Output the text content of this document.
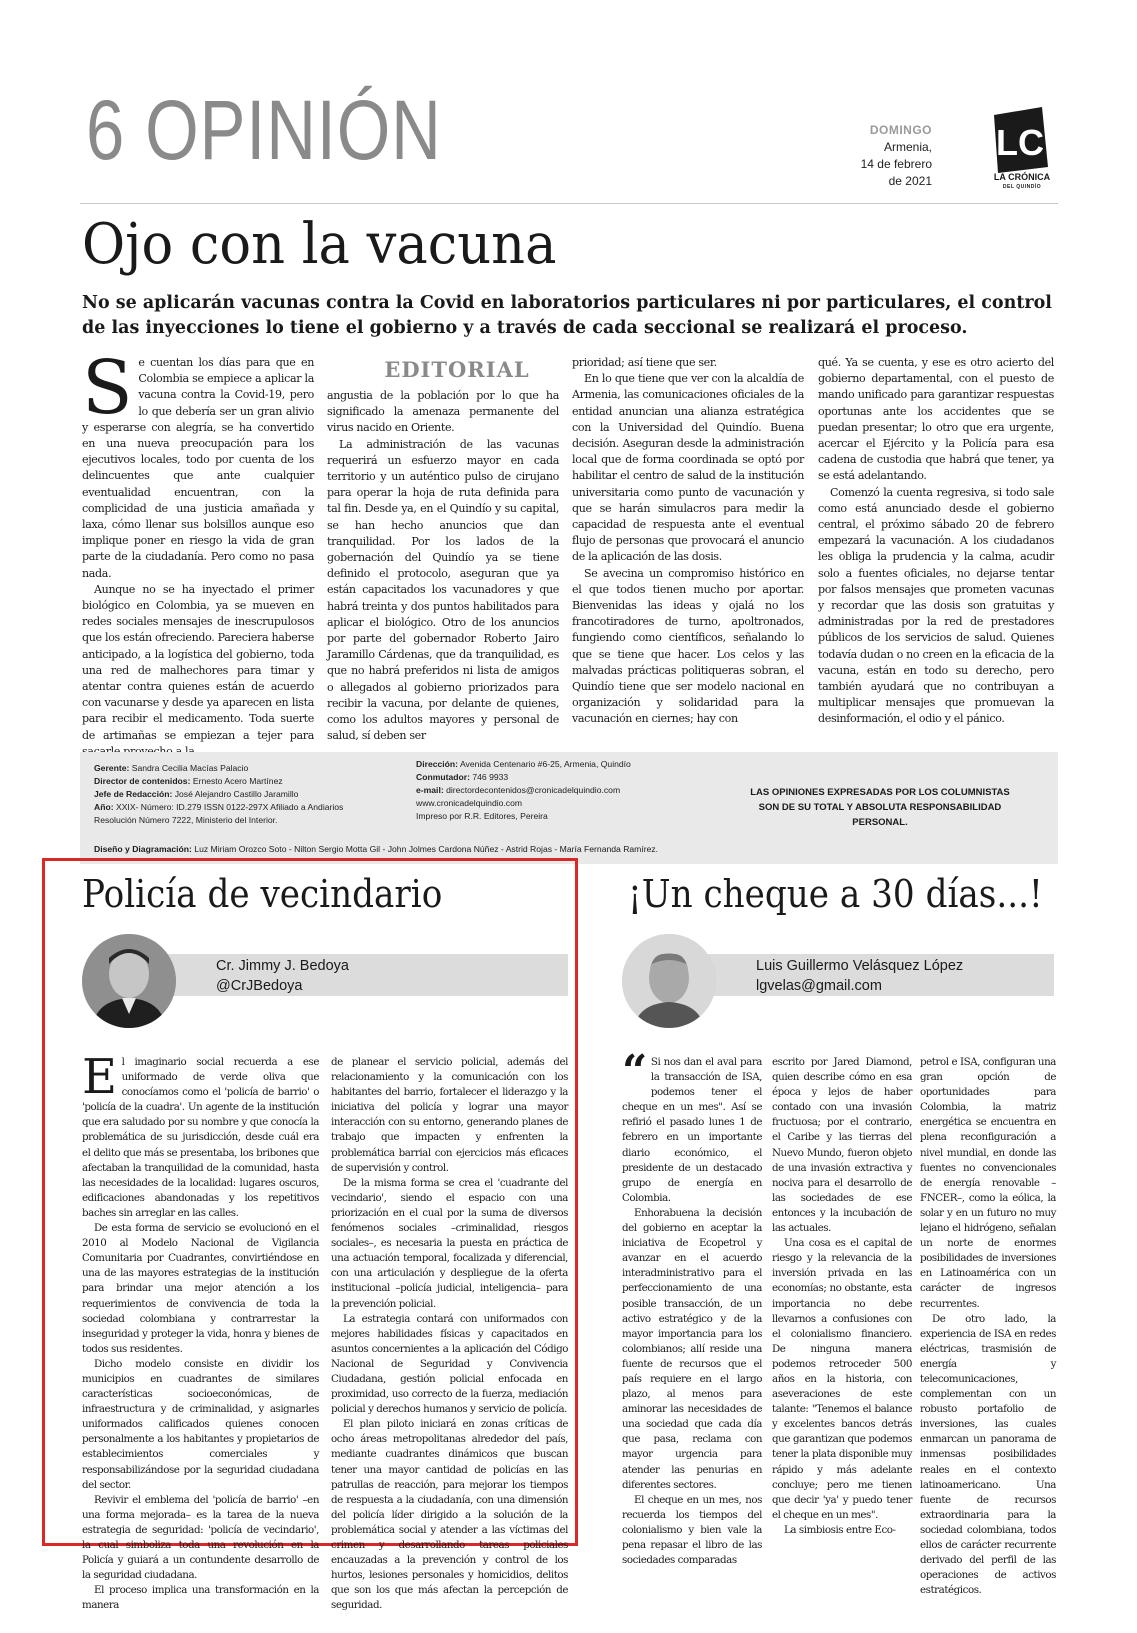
6 OPINIÓN	DOMINGO
Armenia,
14 de febrero
de 2021
LC
LA CRÓNICA
DEL QUINDÍO
Ojo con la vacuna
No se aplicarán vacunas contra la Covid en laboratorios particulares ni por particulares, el control de las inyecciones lo tiene el gobierno y a través de cada seccional se realizará el proceso.

Se cuentan los días para que en Colombia se empiece a aplicar la vacuna contra la Covid-19, pero lo que debería ser un gran alivio y esperarse con alegría, se ha convertido en una nueva preocupación para los ejecutivos locales, todo por cuenta de los delincuentes que ante cualquier eventualidad encuentran, con la complicidad de una justicia amañada y laxa, cómo llenar sus bolsillos aunque eso implique poner en riesgo la vida de gran parte de la ciudadanía. Pero como no pasa nada.

Aunque no se ha inyectado el primer biológico en Colombia, ya se mueven en redes sociales mensajes de inescrupulosos que los están ofreciendo. Pareciera haberse anticipado, a la logística del gobierno, toda una red de malhechores para timar y atentar contra quienes están de acuerdo con vacunarse y desde ya aparecen en lista para recibir el medicamento. Toda suerte de artimañas se empiezan a tejer para

EDITORIAL

angustia de la población por lo que ha significado la amenaza permanente del virus nacido en Oriente.

La administración de las vacunas requerirá un esfuerzo mayor en cada territorio y un auténtico pulso de cirujano para operar la hoja de ruta definida para tal fin. Desde ya, en el Quindío y su capital, se han hecho anuncios que dan tranquilidad. Por los lados de la gobernación del Quindío ya se tiene definido el protocolo, aseguran que ya están capacitados los vacunadores y que habrá treinta y dos puntos habilitados para aplicar el biológico. Otro de los anuncios por parte del gobernador Roberto Jairo Jaramillo Cárdenas, que da tranquilidad, es que no habrá preferidos ni lista de amigos o allegados al gobierno priorizados para recibir la vacuna, por delante de quienes, como los adultos mayores y personal de salud, sí deben ser

prioridad; así tiene que ser.

En lo que tiene que ver con la alcaldía de Armenia, las comunicaciones oficiales de la entidad anuncian una alianza estratégica con la Universidad del Quindío. Buena decisión. Aseguran desde la administración local que de forma coordinada se optó por habilitar el centro de salud de la institución universitaria como punto de vacunación y que se harán simulacros para medir la capacidad de respuesta ante el eventual flujo de personas que provocará el anuncio de la aplicación de las dosis.

Se avecina un compromiso histórico en el que todos tienen mucho por aportar. Bienvenidas las ideas y ojalá no los francotiradores de turno, apoltronados, fungiendo como científicos, señalando lo que se tiene que hacer. Los celos y las malvadas prácticas politiqueras sobran, el Quindío tiene que ser modelo nacional en organización y solidaridad para la vacunación en ciernes; hay con

qué. Ya se cuenta, y ese es otro acierto del gobierno departamental, con el puesto de mando unificado para garantizar respuestas oportunas ante los accidentes que se puedan presentar; lo otro que era urgente, acercar el Ejército y la Policía para esa cadena de custodia que habrá que tener, ya se está adelantando.

Comenzó la cuenta regresiva, si todo sale como está anunciado desde el gobierno central, el próximo sábado 20 de febrero empezará la vacunación. A los ciudadanos les obliga la prudencia y la calma, acudir solo a fuentes oficiales, no dejarse tentar por falsos mensajes que prometen vacunas y recordar que las dosis son gratuitas y administradas por la red de prestadores públicos de los servicios de salud. Quienes todavía dudan o no creen en la eficacia de la vacuna, están en todo su derecho, pero también ayudará que no contribuyan a multiplicar mensajes que promuevan la desinformación, el odio y el pánico.

Gerente: Sandra Cecilia Macías Palacio
Director de contenidos: Ernesto Acero Martínez
Jefe de Redacción: José Alejandro Castillo Jaramillo
Año: XXIX- Número: ID.279 ISSN 0122-297X Afiliado a Andiarios
Resolución Número 7222, Ministerio del Interior.
Dirección: Avenida Centenario #6-25, Armenia, Quindío
Conmutador: 746 9933
e-mail: directordecontenidos@cronicadelquindio.com
www.cronicadelquindio.com
Impreso por R.R. Editores, Pereira
LAS OPINIONES EXPRESADAS POR LOS COLUMNISTAS SON DE SU TOTAL Y ABSOLUTA RESPONSABILIDAD PERSONAL.
Diseño y Diagramación: Luz Miriam Orozco Soto - Nilton Sergio Motta Gil - John Jolmes Cardona Núñez - Astrid Rojas - María Fernanda Ramírez.
Policía de vecindario
Cr. Jimmy J. Bedoya
@CrJBedoya

El imaginario social recuerda a ese uniformado de verde oliva que conocíamos como el 'policía de barrio' o 'policía de la cuadra'. Un agente de la institución que era saludado por su nombre y que conocía la problemática de su jurisdicción, desde cuál era el delito que más se presentaba, los bribones que afectaban la tranquilidad de la comunidad, hasta las necesidades de la localidad: lugares oscuros, edificaciones abandonadas y los repetitivos baches sin arreglar en las calles.

De esta forma de servicio se evolucionó en el 2010 al Modelo Nacional de Vigilancia Comunitaria por Cuadrantes, convirtiéndose en una de las mayores estrategias de la institución para brindar una mejor atención a los requerimientos de convivencia de toda la sociedad colombiana y contrarrestar la inseguridad y proteger la vida, honra y bienes de todos sus residentes.

Dicho modelo consiste en dividir los municipios en cuadrantes de similares características socioeconómicas, de infraestructura y de criminalidad, y asignarles uniformados calificados quienes conocen personalmente a los habitantes y propietarios de establecimientos comerciales y responsabilizándose por la seguridad ciudadana del sector.

Revivir el emblema del 'policía de barrio' –en una forma mejorada– es la tarea de la nueva estrategia de seguridad: 'policía de vecindario', la cual simboliza toda una revolución en la Policía y guiará a un contundente desarrollo de la seguridad ciudadana.

El proceso implica una transformación en la manera

de planear el servicio policial, además del relacionamiento y la comunicación con los habitantes del barrio, fortalecer el liderazgo y la iniciativa del policía y lograr una mayor interacción con su entorno, generando planes de trabajo que impacten y enfrenten la problemática barrial con ejercicios más eficaces de supervisión y control.

De la misma forma se crea el 'cuadrante del vecindario', siendo el espacio con una priorización en el cual por la suma de diversos fenómenos sociales –criminalidad, riesgos sociales–, es necesaria la puesta en práctica de una actuación temporal, focalizada y diferencial, con una articulación y despliegue de la oferta institucional –policía judicial, inteligencia– para la prevención policial.

La estrategia contará con uniformados con mejores habilidades físicas y capacitados en asuntos concernientes a la aplicación del Código Nacional de Seguridad y Convivencia Ciudadana, gestión policial enfocada en proximidad, uso correcto de la fuerza, mediación policial y derechos humanos y servicio de policía.

El plan piloto iniciará en zonas críticas de ocho áreas metropolitanas alrededor del país, mediante cuadrantes dinámicos que buscan tener una mayor cantidad de policías en las patrullas de reacción, para mejorar los tiempos de respuesta a la ciudadanía, con una dimensión del policía líder dirigido a la solución de la problemática social y atender a las víctimas del crimen y desarrollando tareas policiales encauzadas a la prevención y control de los hurtos, lesiones personales y homicidios, delitos que son los que más afectan la percepción de seguridad.

¡Un cheque a 30 días...!
Luis Guillermo Velásquez López
lgvelas@gmail.com

“ Si nos dan el aval para la transacción de ISA, podemos tener el cheque en un mes". Así se refirió el pasado lunes 1 de febrero en un importante diario económico, el presidente de un destacado grupo de energía en Colombia.

Enhorabuena la decisión del gobierno en aceptar la iniciativa de Ecopetrol y avanzar en el acuerdo interadministrativo para el perfeccionamiento de una posible transacción, de un activo estratégico y de la mayor importancia para los colombianos; allí reside una fuente de recursos que el país requiere en el largo plazo, al menos para aminorar las necesidades de una sociedad que cada día que pasa, reclama con mayor urgencia para atender las penurias en diferentes sectores.

El cheque en un mes, nos recuerda los tiempos del colonialismo y bien vale la pena repasar el libro de las sociedades comparadas

escrito por Jared Diamond, quien describe cómo en esa época y lejos de haber contado con una invasión fructuosa; por el contrario, el Caribe y las tierras del Nuevo Mundo, fueron objeto de una invasión extractiva y nociva para el desarrollo de las sociedades de ese entonces y la incubación de las actuales.

Una cosa es el capital de riesgo y la relevancia de la inversión privada en las economías; no obstante, esta importancia no debe llevarnos a confusiones con el colonialismo financiero. De ninguna manera podemos retroceder 500 años en la historia, con aseveraciones de este talante: "Tenemos el balance y excelentes bancos detrás que garantizan que podemos tener la plata disponible muy rápido y más adelante concluye; pero me tienen que decir 'ya' y puedo tener el cheque en un mes".

La simbiosis entre Eco-

petrol e ISA, configuran una gran opción de oportunidades para Colombia, la matriz energética se encuentra en plena reconfiguración a nivel mundial, en donde las fuentes no convencionales de energía renovable –FNCER–, como la eólica, la solar y en un futuro no muy lejano el hidrógeno, señalan un norte de enormes posibilidades de inversiones en Latinoamérica con un carácter de ingresos recurrentes.

De otro lado, la experiencia de ISA en redes eléctricas, trasmisión de energía y telecomunicaciones, complementan con un robusto portafolio de inversiones, las cuales enmarcan un panorama de inmensas posibilidades reales en el contexto latinoamericano. Una fuente de recursos extraordinaria para la sociedad colombiana, todos ellos de carácter recurrente derivado del perfil de las operaciones de activos estratégicos.
